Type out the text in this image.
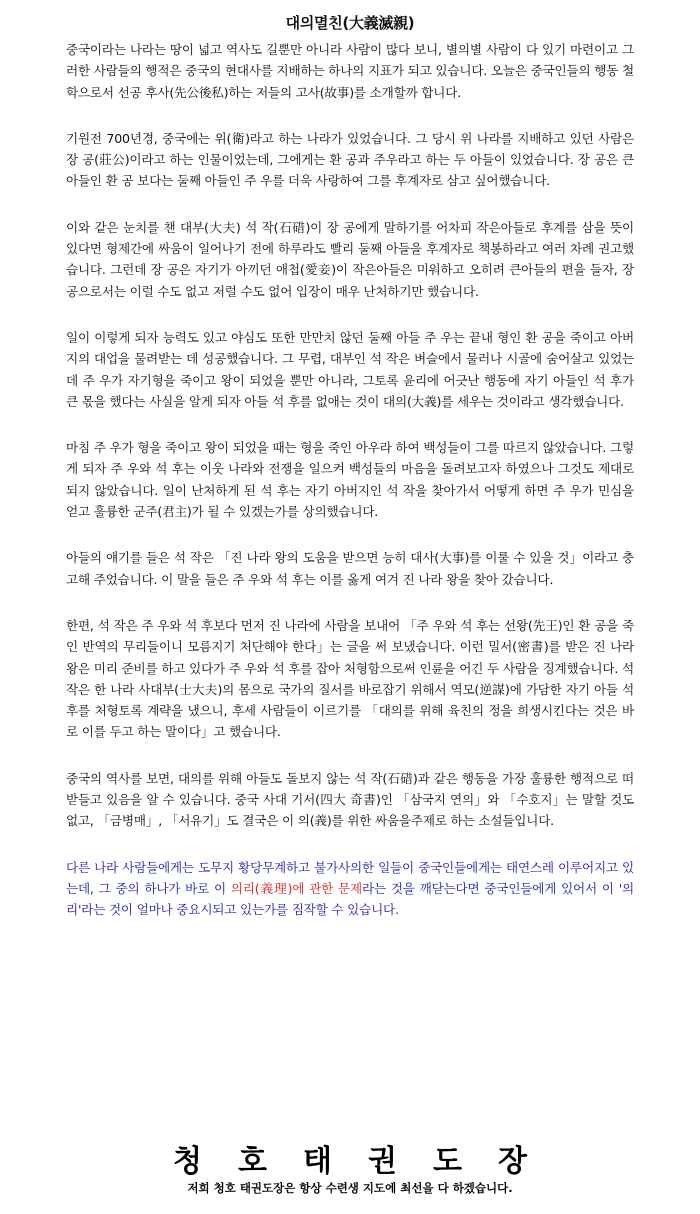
대의멸친(大義滅親)

중국이라는 나라는 땅이 넓고 역사도 길뿐만 아니라 사람이 많다 보니, 별의별 사람이 다 있기 마련이고 그러한 사람들의 행적은 중국의 현대사를 지배하는 하나의 지표가 되고 있습니다. 오늘은 중국인들의 행동 철학으로서 선공 후사(先公後私)하는 저들의 고사(故事)를 소개할까 합니다.

기원전 700년경, 중국에는 위(衛)라고 하는 나라가 있었습니다. 그 당시 위 나라를 지배하고 있던 사람은 장 공(莊公)이라고 하는 인물이었는데, 그에게는 환 공과 주우라고 하는 두 아들이 있었습니다. 장 공은 큰아들인 환 공 보다는 둘째 아들인 주 우를 더욱 사랑하여 그를 후계자로 삼고 싶어했습니다.

이와 같은 눈치를 챈 대부(大夫) 석 작(石碏)이 장 공에게 말하기를 어차피 작은아들로 후계를 삼을 뜻이 있다면 형제간에 싸움이 일어나기 전에 하루라도 빨리 둘째 아들을 후계자로 책봉하라고 여러 차례 권고했습니다. 그런데 장 공은 자기가 아끼던 애첩(愛妾)이 작은아들은 미워하고 오히려 큰아들의 편을 들자, 장 공으로서는 이럴 수도 없고 저럴 수도 없어 입장이 매우 난처하기만 했습니다.

일이 이렇게 되자 능력도 있고 야심도 또한 만만치 않던 둘째 아들 주 우는 끝내 형인 환 공을 죽이고 아버지의 대업을 물려받는 데 성공했습니다. 그 무렵, 대부인 석 작은 벼슬에서 물러나 시골에 숨어살고 있었는데 주 우가 자기형을 죽이고 왕이 되었을 뿐만 아니라, 그토록 윤리에 어긋난 행동에 자기 아들인 석 후가 큰 몫을 했다는 사실을 알게 되자 아들 석 후를 없애는 것이 대의(大義)를 세우는 것이라고 생각했습니다.

마침 주 우가 형을 죽이고 왕이 되었을 때는 형을 죽인 아우라 하여 백성들이 그를 따르지 않았습니다. 그렇게 되자 주 우와 석 후는 이웃 나라와 전쟁을 일으켜 백성들의 마음을 돌려보고자 하였으나 그것도 제대로 되지 않았습니다. 일이 난처하게 된 석 후는 자기 아버지인 석 작을 찾아가서 어떻게 하면 주 우가 민심을 얻고 훌륭한 군주(君主)가 될 수 있겠는가를 상의했습니다.

아들의 얘기를 들은 석 작은 「진 나라 왕의 도움을 받으면 능히 대사(大事)를 이룰 수 있을 것」이라고 충고해 주었습니다. 이 말을 들은 주 우와 석 후는 이를 옳게 여겨 진 나라 왕을 찾아 갔습니다.

한편, 석 작은 주 우와 석 후보다 먼저 진 나라에 사람을 보내어 「주 우와 석 후는 선왕(先王)인 환 공을 죽인 반역의 무리들이니 모름지기 처단해야 한다」는 글을 써 보냈습니다. 이런 밀서(密書)를 받은 진 나라 왕은 미리 준비를 하고 있다가 주 우와 석 후를 잡아 처형함으로써 인륜을 어긴 두 사람을 징계했습니다. 석 작은 한 나라 사대부(士大夫)의 몸으로 국가의 질서를 바로잡기 위해서 역모(逆謀)에 가담한 자기 아들 석 후를 처형토록 계략을 냈으니, 후세 사람들이 이르기를 「대의를 위해 육친의 정을 희생시킨다는 것은 바로 이를 두고 하는 말이다」고 했습니다.

중국의 역사를 보면, 대의를 위해 아들도 돌보지 않는 석 작(石碏)과 같은 행동을 가장 훌륭한 행적으로 떠받들고 있음을 알 수 있습니다. 중국 사대 기서(四大 奇書)인 「삼국지 연의」와 「수호지」는 말할 것도 없고, 「금병매」, 「서유기」도 결국은 이 의(義)를 위한 싸움을주제로 하는 소설들입니다.

다른 나라 사람들에게는 도무지 황당무계하고 불가사의한 일들이 중국인들에게는 태연스레 이루어지고 있는데, 그 중의 하나가 바로 이 의리(義理)에 관한 문제라는 것을 깨닫는다면 중국인들에게 있어서 이 '의리'라는 것이 얼마나 중요시되고 있는가를 짐작할 수 있습니다.

청호태권도장
저희 청호 태권도장은 항상 수련생 지도에 최선을 다 하겠습니다.
